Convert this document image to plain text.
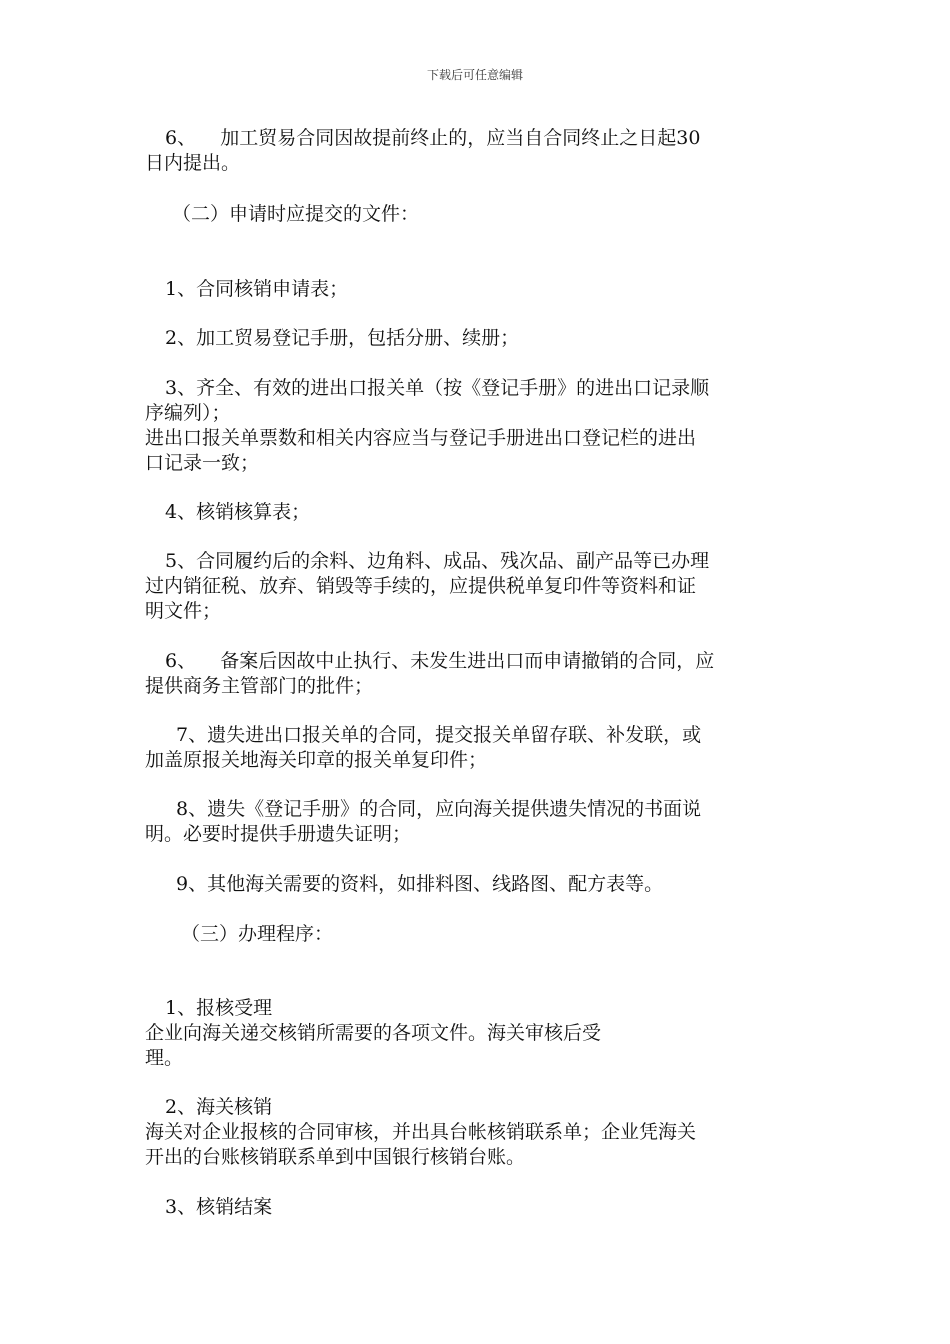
下载后可任意编辑
6、    加工贸易合同因故提前终止的，应当自合同终止之日起30
日内提出。
（二）申请时应提交的文件：
1、合同核销申请表；
2、加工贸易登记手册，包括分册、续册；
3、齐全、有效的进出口报关单（按《登记手册》的进出口记录顺
序编列）；
进出口报关单票数和相关内容应当与登记手册进出口登记栏的进出
口记录一致；
4、核销核算表；
5、合同履约后的余料、边角料、成品、残次品、副产品等已办理
过内销征税、放弃、销毁等手续的，应提供税单复印件等资料和证
明文件；
6、    备案后因故中止执行、未发生进出口而申请撤销的合同，应
提供商务主管部门的批件；
7、遗失进出口报关单的合同，提交报关单留存联、补发联，或
加盖原报关地海关印章的报关单复印件；
8、遗失《登记手册》的合同，应向海关提供遗失情况的书面说
明。必要时提供手册遗失证明；
9、其他海关需要的资料，如排料图、线路图、配方表等。
（三）办理程序：
1、报核受理
企业向海关递交核销所需要的各项文件。海关审核后受
理。
2、海关核销
海关对企业报核的合同审核，并出具台帐核销联系单；企业凭海关
开出的台账核销联系单到中国银行核销台账。
3、核销结案
